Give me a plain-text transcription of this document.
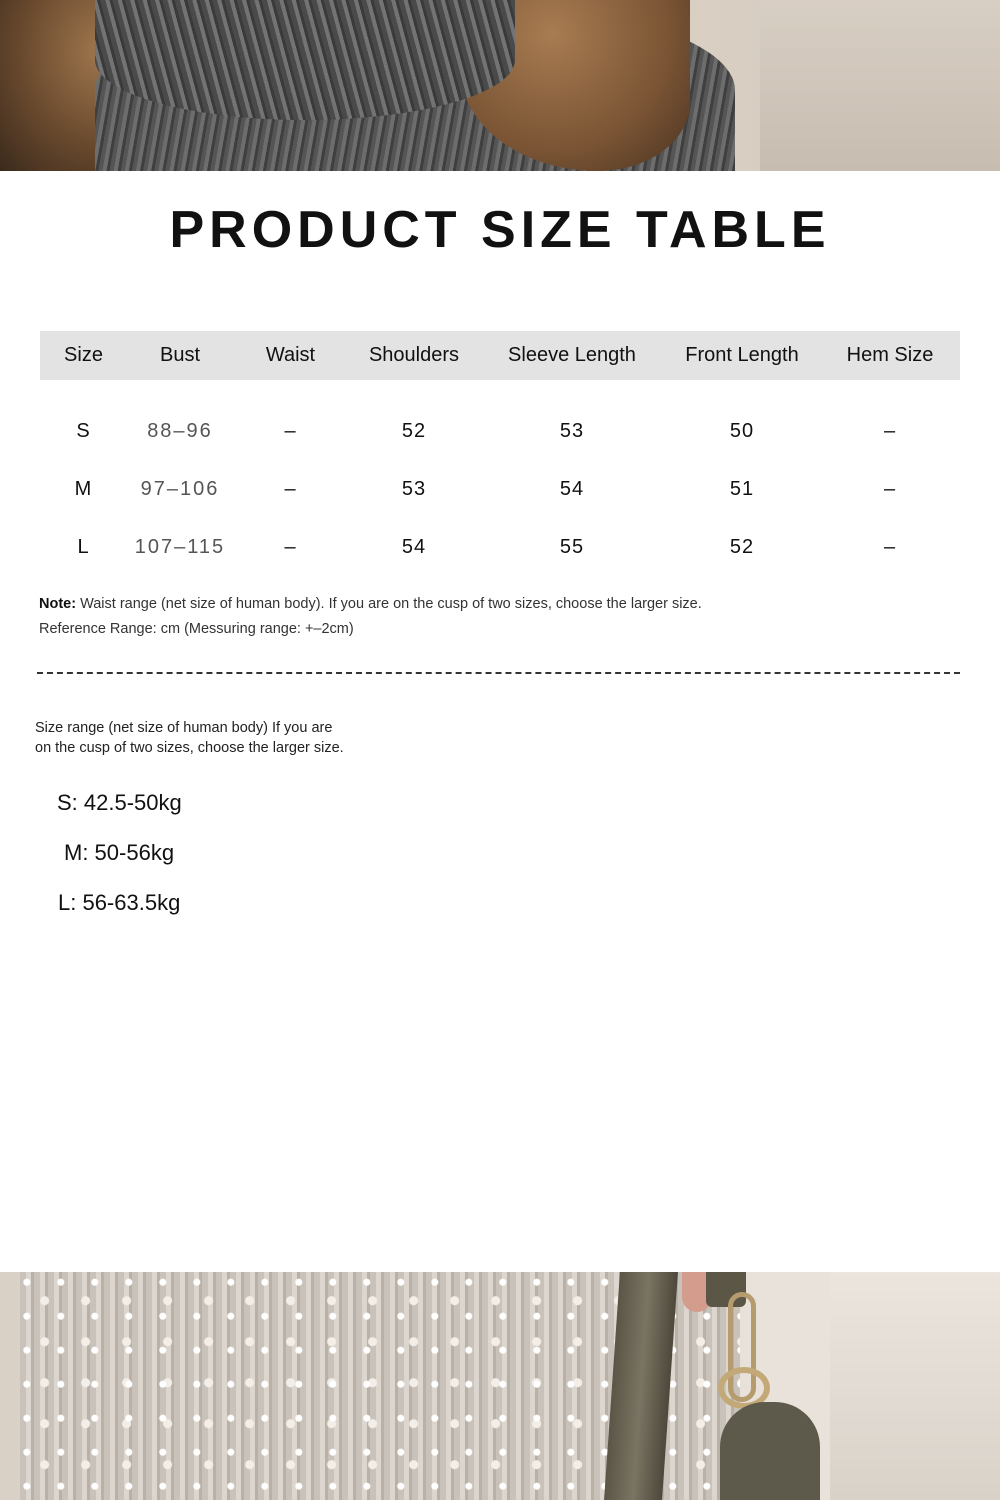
PRODUCT SIZE TABLE
Size	Bust	Waist	Shoulders	Sleeve Length	Front Length	Hem Size
S	88–96	–	52	53	50	–
M	97–106	–	53	54	51	–
L	107–115	–	54	55	52	–
Note: Waist range (net size of human body). If you are on the cusp of two sizes, choose the larger size.
Reference Range: cm (Messuring range: +–2cm)
Size range (net size of human body) If you are
on the cusp of two sizes, choose the larger size.
S: 42.5-50kg
M: 50-56kg
L: 56-63.5kg
